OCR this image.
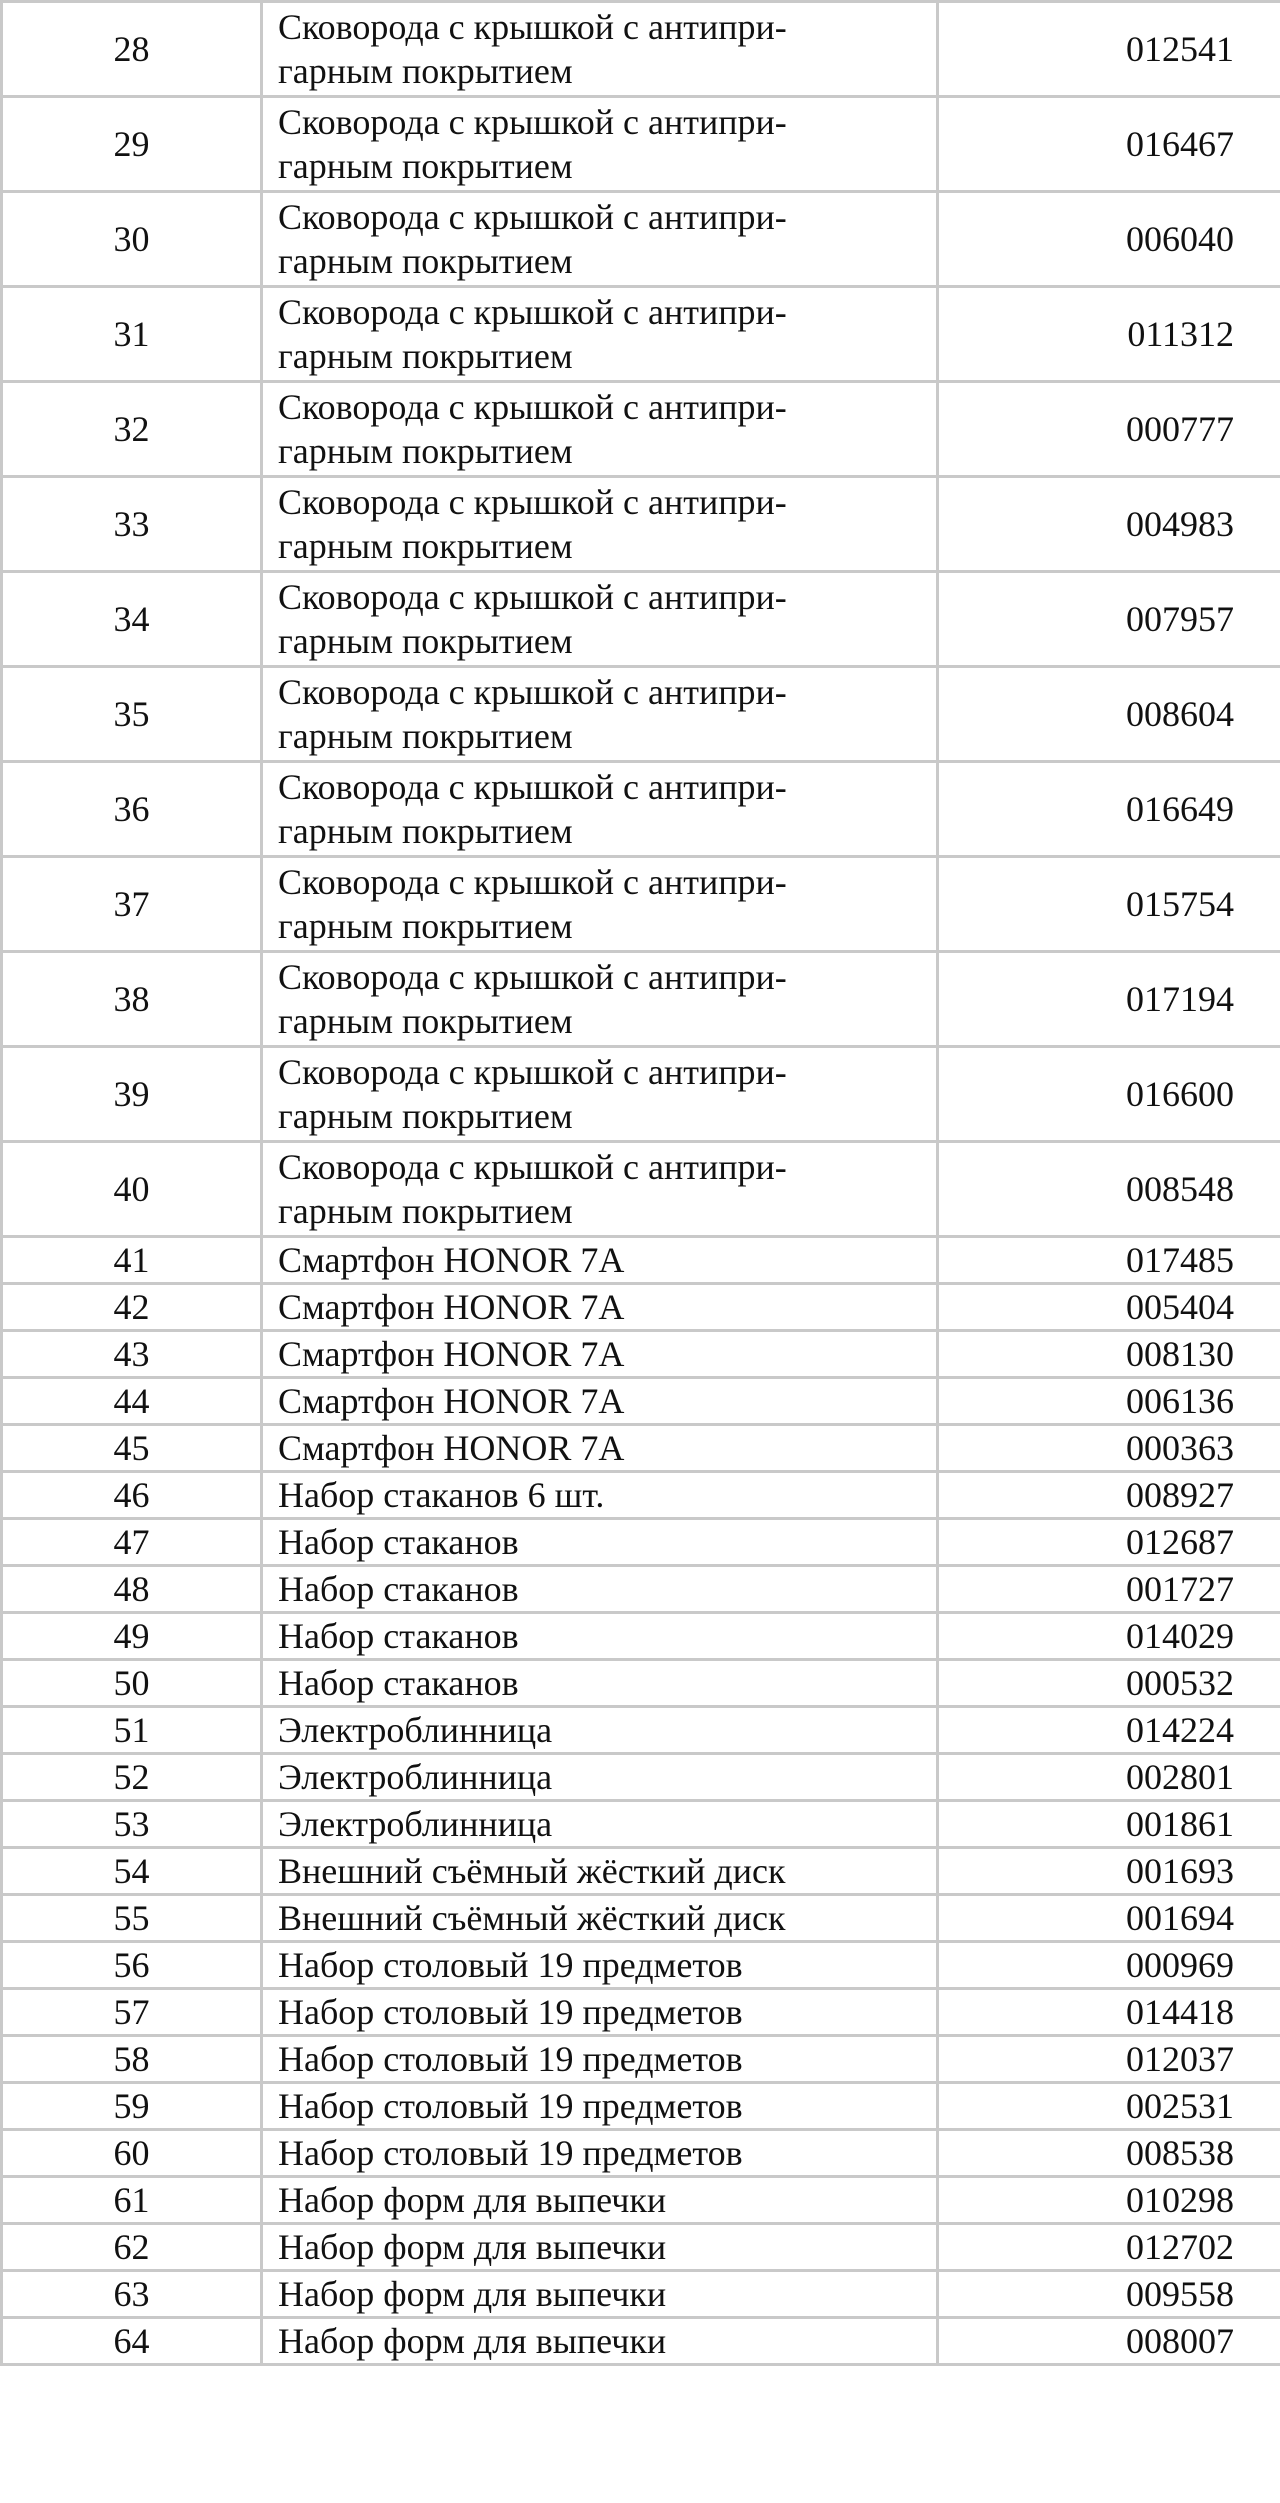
28	Сковорода с крышкой с антипри-
гарным покрытием	012541
29	Сковорода с крышкой с антипри-
гарным покрытием	016467
30	Сковорода с крышкой с антипри-
гарным покрытием	006040
31	Сковорода с крышкой с антипри-
гарным покрытием	011312
32	Сковорода с крышкой с антипри-
гарным покрытием	000777
33	Сковорода с крышкой с антипри-
гарным покрытием	004983
34	Сковорода с крышкой с антипри-
гарным покрытием	007957
35	Сковорода с крышкой с антипри-
гарным покрытием	008604
36	Сковорода с крышкой с антипри-
гарным покрытием	016649
37	Сковорода с крышкой с антипри-
гарным покрытием	015754
38	Сковорода с крышкой с антипри-
гарным покрытием	017194
39	Сковорода с крышкой с антипри-
гарным покрытием	016600
40	Сковорода с крышкой с антипри-
гарным покрытием	008548
41	Смартфон HONOR 7A	017485
42	Смартфон HONOR 7A	005404
43	Смартфон HONOR 7A	008130
44	Смартфон HONOR 7A	006136
45	Смартфон HONOR 7A	000363
46	Набор стаканов 6 шт.	008927
47	Набор стаканов	012687
48	Набор стаканов	001727
49	Набор стаканов	014029
50	Набор стаканов	000532
51	Электроблинница	014224
52	Электроблинница	002801
53	Электроблинница	001861
54	Внешний съёмный жёсткий диск	001693
55	Внешний съёмный жёсткий диск	001694
56	Набор столовый 19 предметов	000969
57	Набор столовый 19 предметов	014418
58	Набор столовый 19 предметов	012037
59	Набор столовый 19 предметов	002531
60	Набор столовый 19 предметов	008538
61	Набор форм для выпечки	010298
62	Набор форм для выпечки	012702
63	Набор форм для выпечки	009558
64	Набор форм для выпечки	008007
